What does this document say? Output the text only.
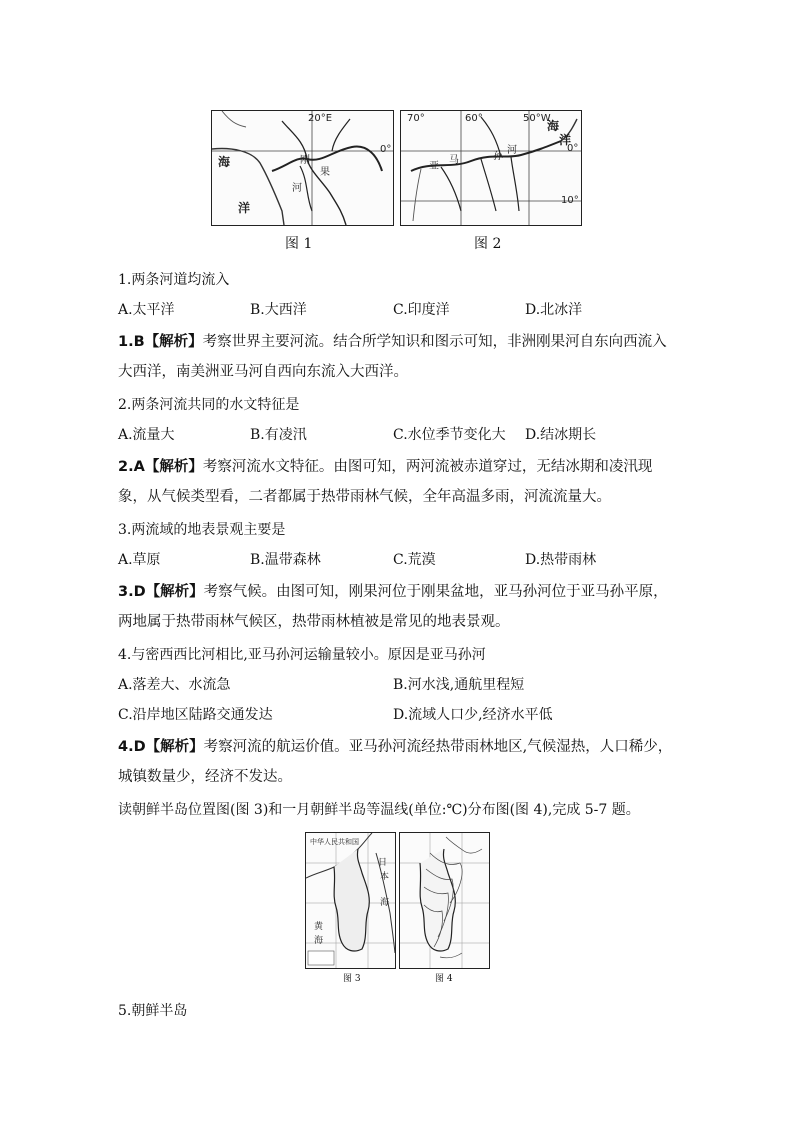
20°E
0°
海
洋
刚
果
河
70°	60°	50°W
0°
10°
海
洋
亚
马	孙
河
图 1	图 2
1.两条河道均流入
A.太平洋	B.大西洋	C.印度洋	D.北冰洋
1.B【解析】考察世界主要河流。结合所学知识和图示可知，非洲刚果河自东向西流入大西洋，南美洲亚马河自西向东流入大西洋。
2.两条河流共同的水文特征是
A.流量大	B.有凌汛	C.水位季节变化大 D.结冰期长
2.A【解析】考察河流水文特征。由图可知，两河流被赤道穿过，无结冰期和凌汛现象，从气候类型看，二者都属于热带雨林气候，全年高温多雨，河流流量大。
3.两流域的地表景观主要是
A.草原	B.温带森林	C.荒漠	D.热带雨林
3.D【解析】考察气候。由图可知，刚果河位于刚果盆地，亚马孙河位于亚马孙平原，两地属于热带雨林气候区，热带雨林植被是常见的地表景观。
4.与密西西比河相比,亚马孙河运输量较小。原因是亚马孙河
A.落差大、水流急	B.河水浅,通航里程短
C.沿岸地区陆路交通发达	D.流域人口少,经济水平低
4.D【解析】考察河流的航运价值。亚马孙河流经热带雨林地区,气候湿热，人口稀少，城镇数量少，经济不发达。
读朝鲜半岛位置图(图 3)和一月朝鲜半岛等温线(单位:℃)分布图(图 4),完成 5-7 题。
中华人民共和国
日
本
海
黄
海
图 3	图 4
5.朝鲜半岛
